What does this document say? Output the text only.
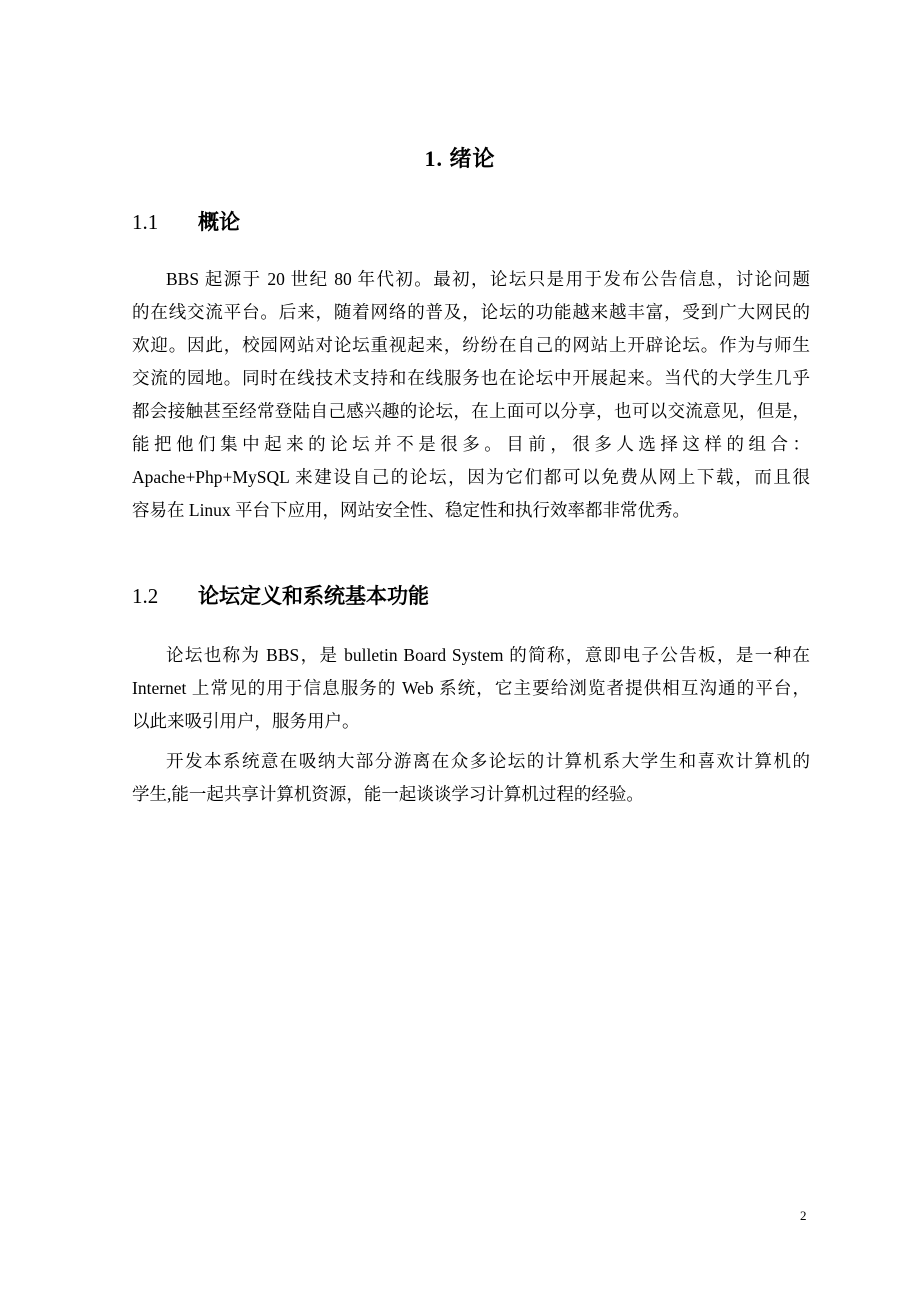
1. 绪论
1.1 概论
BBS 起源于 20 世纪 80 年代初。最初，论坛只是用于发布公告信息，讨论问题
的在线交流平台。后来，随着网络的普及，论坛的功能越来越丰富，受到广大网民的
欢迎。因此，校园网站对论坛重视起来，纷纷在自己的网站上开辟论坛。作为与师生
交流的园地。同时在线技术支持和在线服务也在论坛中开展起来。当代的大学生几乎
都会接触甚至经常登陆自己感兴趣的论坛，在上面可以分享，也可以交流意见，但是，
能把他们集中起来的论坛并不是很多。目前，很多人选择这样的组合：
Apache+Php+MySQL 来建设自己的论坛，因为它们都可以免费从网上下载，而且很
容易在 Linux 平台下应用，网站安全性、稳定性和执行效率都非常优秀。
1.2 论坛定义和系统基本功能
论坛也称为 BBS，是 bulletin Board System 的简称，意即电子公告板，是一种在
Internet 上常见的用于信息服务的 Web 系统，它主要给浏览者提供相互沟通的平台，
以此来吸引用户，服务用户。
开发本系统意在吸纳大部分游离在众多论坛的计算机系大学生和喜欢计算机的
学生,能一起共享计算机资源，能一起谈谈学习计算机过程的经验。
2
